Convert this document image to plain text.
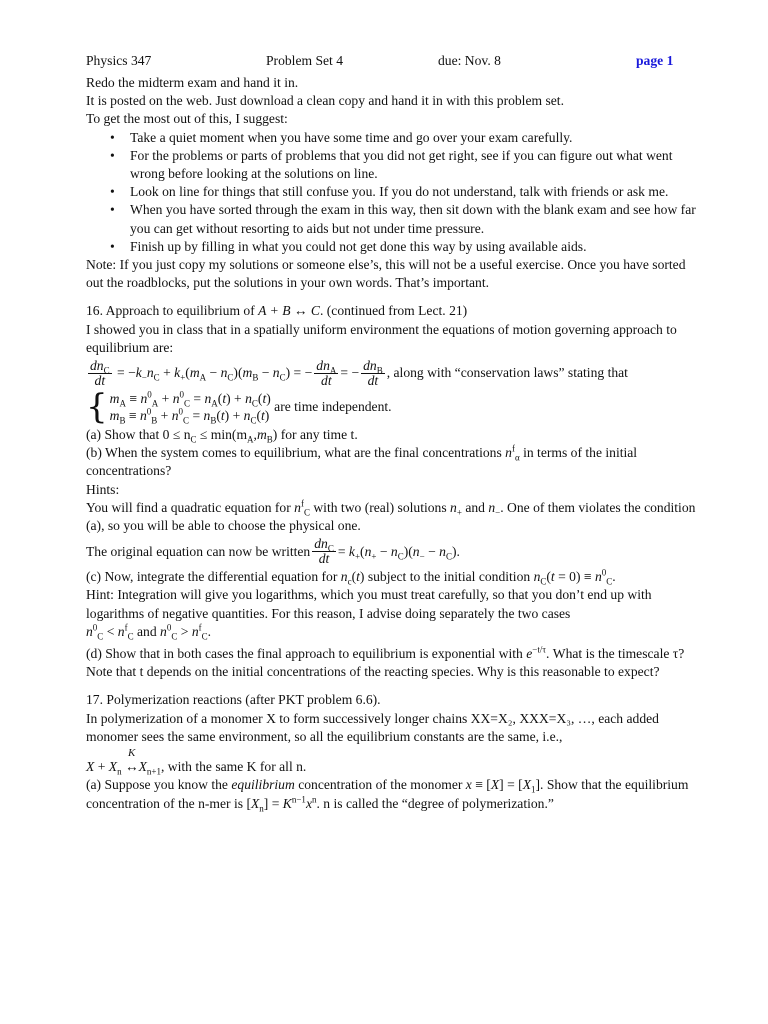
Physics 347	Problem Set 4	due: Nov. 8	page 1

Redo the midterm exam and hand it in.

It is posted on the web. Just download a clean copy and hand it in with this problem set.

To get the most out of this, I suggest:

• Take a quiet moment when you have some time and go over your exam carefully.
• For the problems or parts of problems that you did not get right, see if you can figure out what went wrong before looking at the solutions on line.
• Look on line for things that still confuse you. If you do not understand, talk with friends or ask me.
• When you have sorted through the exam in this way, then sit down with the blank exam and see how far you can get without resorting to aids but not under time pressure.
• Finish up by filling in what you could not get done this way by using available aids.

Note: If you just copy my solutions or someone else’s, this will not be a useful exercise. Once you have sorted out the roadblocks, put the solutions in your own words. That’s important.

16. Approach to equilibrium of A + B ↔ C. (continued from Lect. 21)

I showed you in class that in a spatially uniform environment the equations of motion governing approach to equilibrium are:

$\frac{dn_C}{dt} = -k_-n_C + k_+(m_A - n_C)(m_B - n_C)$ = − $\frac{dn_A}{dt}$ = − $\frac{dn_B}{dt}$ , along with “conservation laws” stating that
{ $m_A \equiv n^0_A + n^0_C = n_A(t) + n_C(t)$
$m_B \equiv n^0_B + n^0_C = n_B(t) + n_C(t)$

are time independent.

(a) Show that $0 \le n_C \le \min(m_A,m_B)$ for any time t.

(b) When the system comes to equilibrium, what are the final concentrations $n^f_\alpha$ in terms of the initial concentrations?

Hints:

You will find a quadratic equation for $n^f_C$ with two (real) solutions $n_+$ and $n_-$. One of them violates the condition (a), so you will be able to choose the physical one.

The original equation can now be written $\frac{dn_C}{dt} = k_+(n_+ - n_C)(n_- - n_C)$.

(c) Now, integrate the differential equation for $n_c(t)$ subject to the initial condition $n_C(t = 0) \equiv n^0_C$.

Hint: Integration will give you logarithms, which you must treat carefully, so that you don’t end up with logarithms of negative quantities. For this reason, I advise doing separately the two cases

$n^0_C < n^f_C$ and $n^0_C > n^f_C$.

(d) Show that in both cases the final approach to equilibrium is exponential with $e^{-t/\tau}$. What is the timescale τ? Note that t depends on the initial concentrations of the reacting species. Why is this reasonable to expect?

17. Polymerization reactions (after PKT problem 6.6).

In polymerization of a monomer X to form successively longer chains XX=X₂, XXX=X₃, …, each added monomer sees the same environment, so all the equilibrium constants are the same, i.e.,

$X + X_n$
K
$\leftrightarrow X_{n+1}$, with the same K for all n.

(a) Suppose you know the equilibrium concentration of the monomer $x \equiv [X] = [X_1]$. Show that the equilibrium concentration of the n-mer is $[X_n] = K^{n-1}x^n$. n is called the “degree of polymerization.”
